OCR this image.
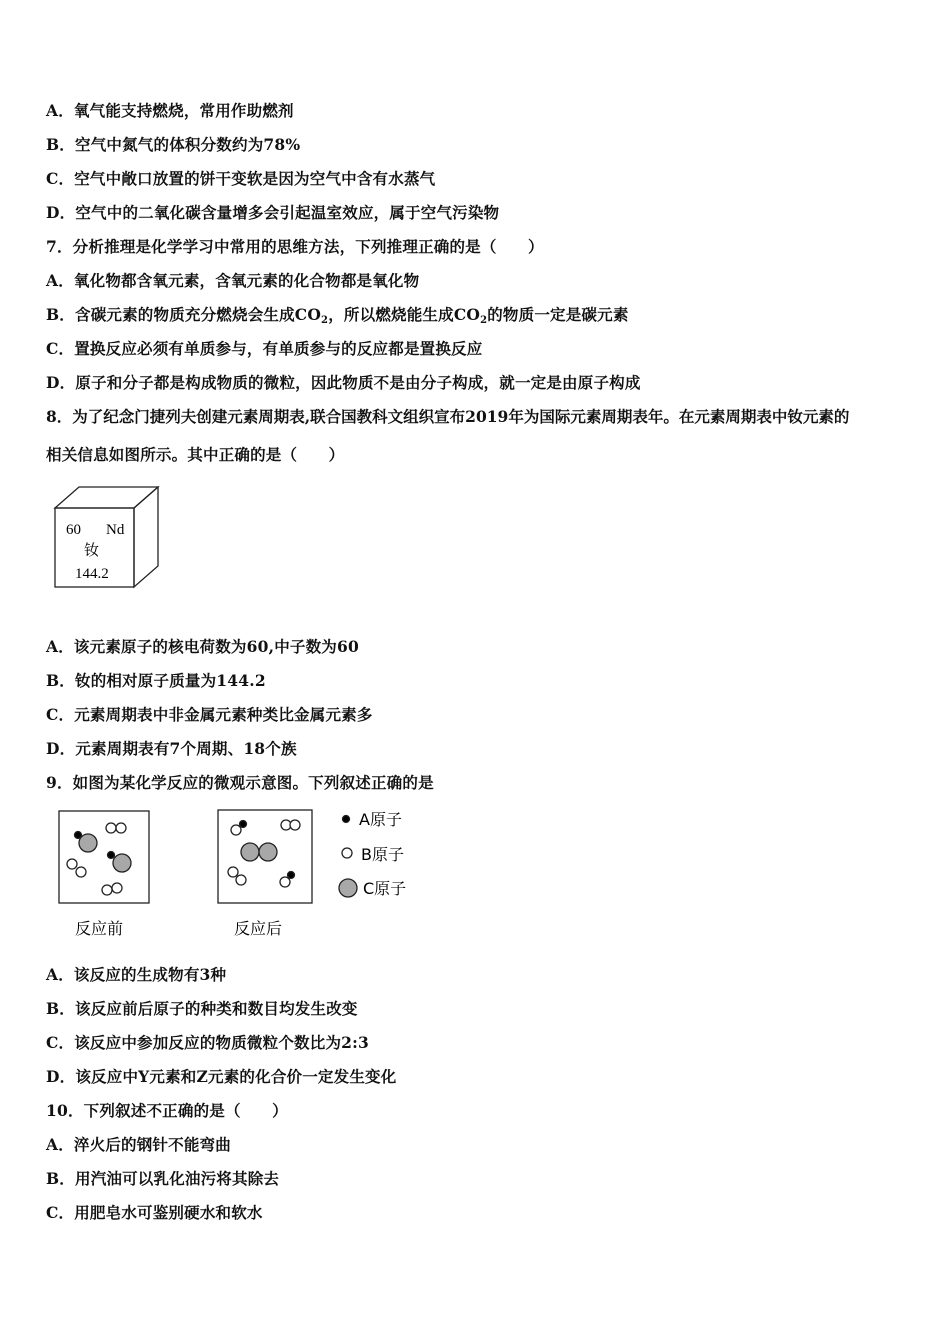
A．氧气能支持燃烧，常用作助燃剂
B．空气中氮气的体积分数约为78%
C．空气中敞口放置的饼干变软是因为空气中含有水蒸气
D．空气中的二氧化碳含量增多会引起温室效应，属于空气污染物
7．分析推理是化学学习中常用的思维方法，下列推理正确的是（　　）
A．氧化物都含氧元素，含氧元素的化合物都是氧化物
B．含碳元素的物质充分燃烧会生成CO2，所以燃烧能生成CO2的物质一定是碳元素
C．置换反应必须有单质参与，有单质参与的反应都是置换反应
D．原子和分子都是构成物质的微粒，因此物质不是由分子构成，就一定是由原子构成
8．为了纪念门捷列夫创建元素周期表,联合国教科文组织宣布2019年为国际元素周期表年。在元素周期表中钕元素的
相关信息如图所示。其中正确的是（　　）
60 Nd
钕
144.2
A．该元素原子的核电荷数为60,中子数为60
B．钕的相对原子质量为144.2
C．元素周期表中非金属元素种类比金属元素多
D．元素周期表有7个周期、18个族
9．如图为某化学反应的微观示意图。下列叙述正确的是
A原子
B原子
C原子
反应前	反应后
A．该反应的生成物有3种
B．该反应前后原子的种类和数目均发生改变
C．该反应中参加反应的物质微粒个数比为2:3
D．该反应中Y元素和Z元素的化合价一定发生变化
10．下列叙述不正确的是（　　）
A．淬火后的钢针不能弯曲
B．用汽油可以乳化油污将其除去
C．用肥皂水可鉴别硬水和软水
